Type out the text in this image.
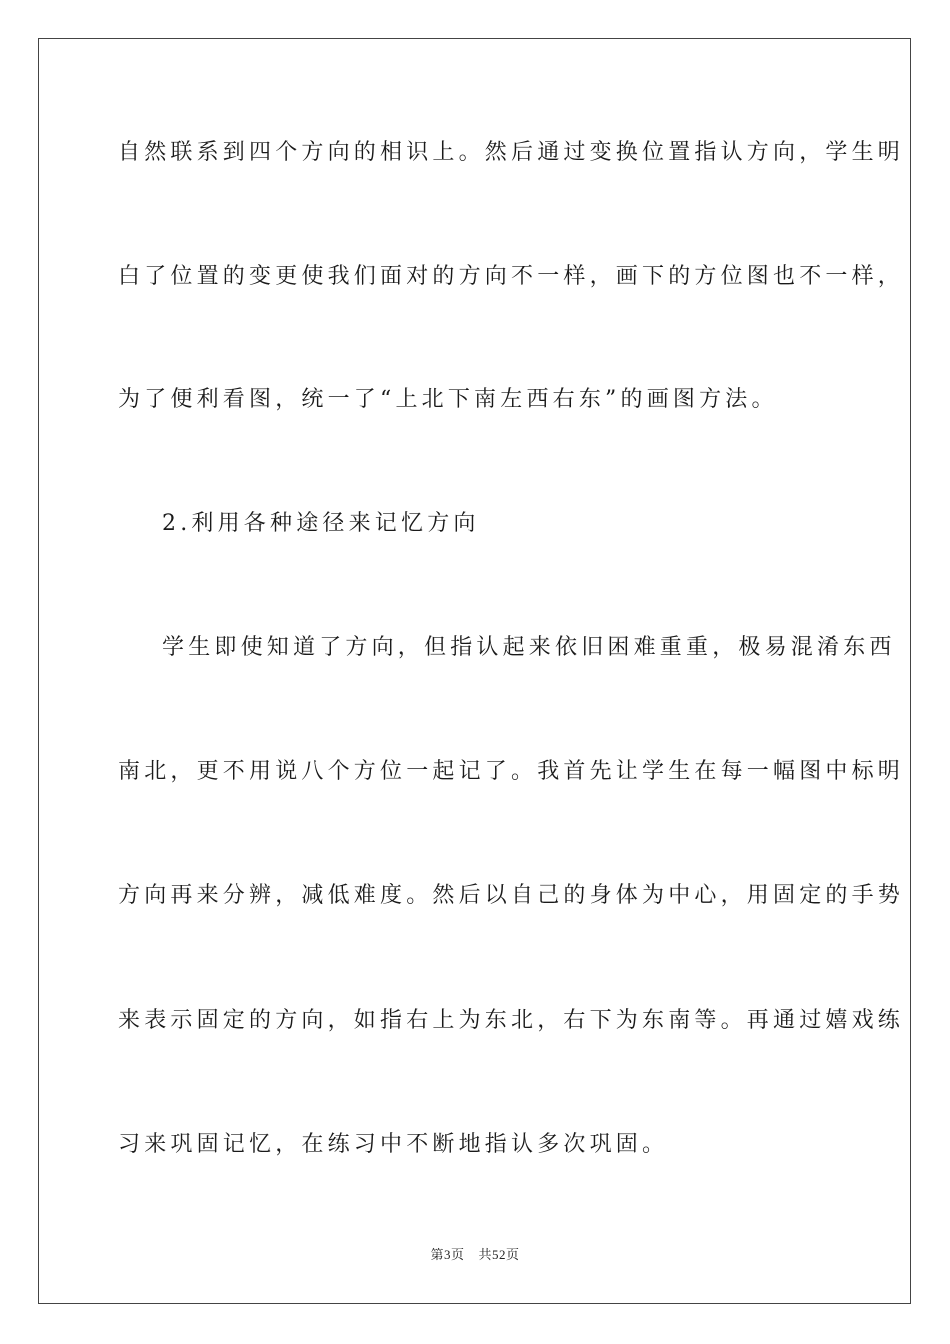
自然联系到四个方向的相识上。然后通过变换位置指认方向，学生明
白了位置的变更使我们面对的方向不一样，画下的方位图也不一样，
为了便利看图，统一了“上北下南左西右东”的画图方法。
2.利用各种途径来记忆方向
学生即使知道了方向，但指认起来依旧困难重重，极易混淆东西
南北，更不用说八个方位一起记了。我首先让学生在每一幅图中标明
方向再来分辨，减低难度。然后以自己的身体为中心，用固定的手势
来表示固定的方向，如指右上为东北，右下为东南等。再通过嬉戏练
习来巩固记忆，在练习中不断地指认多次巩固。
第3页 共52页
